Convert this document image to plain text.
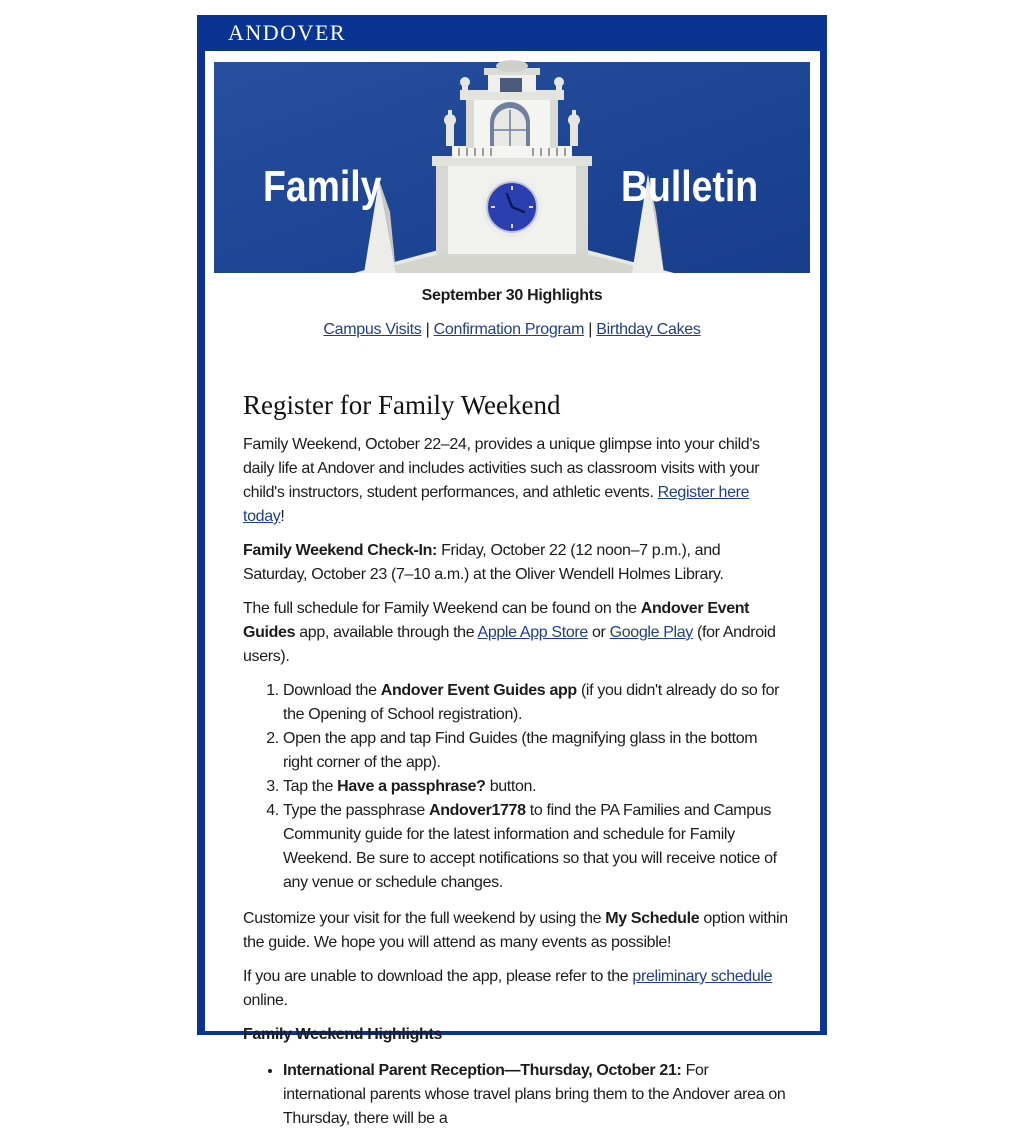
ANDOVER
Family	Bulletin
September 30 Highlights
Campus Visits | Confirmation Program | Birthday Cakes
Register for Family Weekend

Family Weekend, October 22–24, provides a unique glimpse into your child's daily life at Andover and includes activities such as classroom visits with your child's instructors, student performances, and athletic events. Register here today!

Family Weekend Check-In: Friday, October 22 (12 noon–7 p.m.), and Saturday, October 23 (7–10 a.m.) at the Oliver Wendell Holmes Library.

The full schedule for Family Weekend can be found on the Andover Event Guides app, available through the Apple App Store or Google Play (for Android users).

1. Download the Andover Event Guides app (if you didn't already do so for the Opening of School registration).
2. Open the app and tap Find Guides (the magnifying glass in the bottom right corner of the app).
3. Tap the Have a passphrase? button.
4. Type the passphrase Andover1778 to find the PA Families and Campus Community guide for the latest information and schedule for Family Weekend. Be sure to accept notifications so that you will receive notice of any venue or schedule changes.

Customize your visit for the full weekend by using the My Schedule option within the guide. We hope you will attend as many events as possible!

If you are unable to download the app, please refer to the preliminary schedule online.

Family Weekend Highlights

• International Parent Reception—Thursday, October 21: For international parents whose travel plans bring them to the Andover area on Thursday, there will be a
